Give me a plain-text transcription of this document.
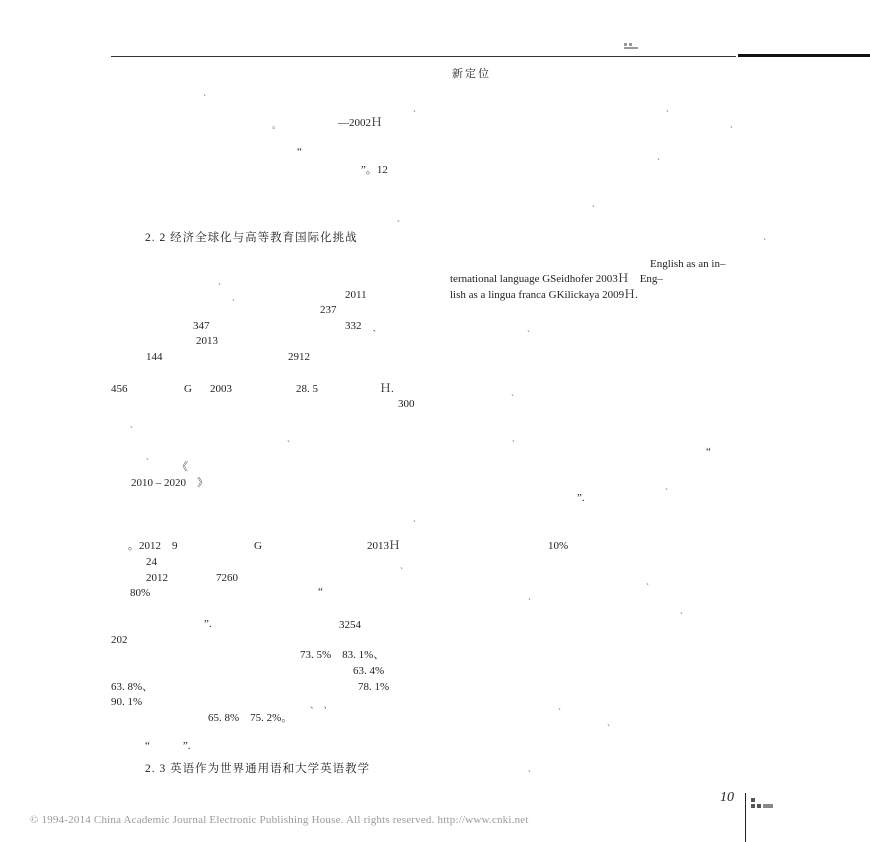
新定位
ˎ
ˎ	ˎ
。	—2002Ｈ	ˎ
“	ˎ
”。12
ˎ
ˎ
2. 2 经济全球化与高等教育国际化挑战	ˎ
English as an in–
ternational language GSeidhofer 2003Ｈ　Eng–
ˎ
ˎ	2011	lish as a lingua franca GKilickaya 2009Ｈ.
237
347	332　ˎ	ˎ
2013
144	2912
456	G 2003	28. 5	Ｈ.	ˎ
300
ˎ
ˎ	ˎ
ˎ	“
《
ˎ
2010 – 2020　》
”.
ˎ
。2012　9	G	2013Ｈ	10%
24	ˎ
2012	7260	ˎ
80%	“	ˎ
ˎ
”.	3254
202
73. 5%　83. 1%、
63. 4%
63. 8%、	78. 1%
90. 1%	、　、	ˎ
65. 8%　75. 2%。	ˎ
“　　　”.
2. 3 英语作为世界通用语和大学英语教学	ˎ
10
© 1994-2014 China Academic Journal Electronic Publishing House. All rights reserved. http://www.cnki.net
